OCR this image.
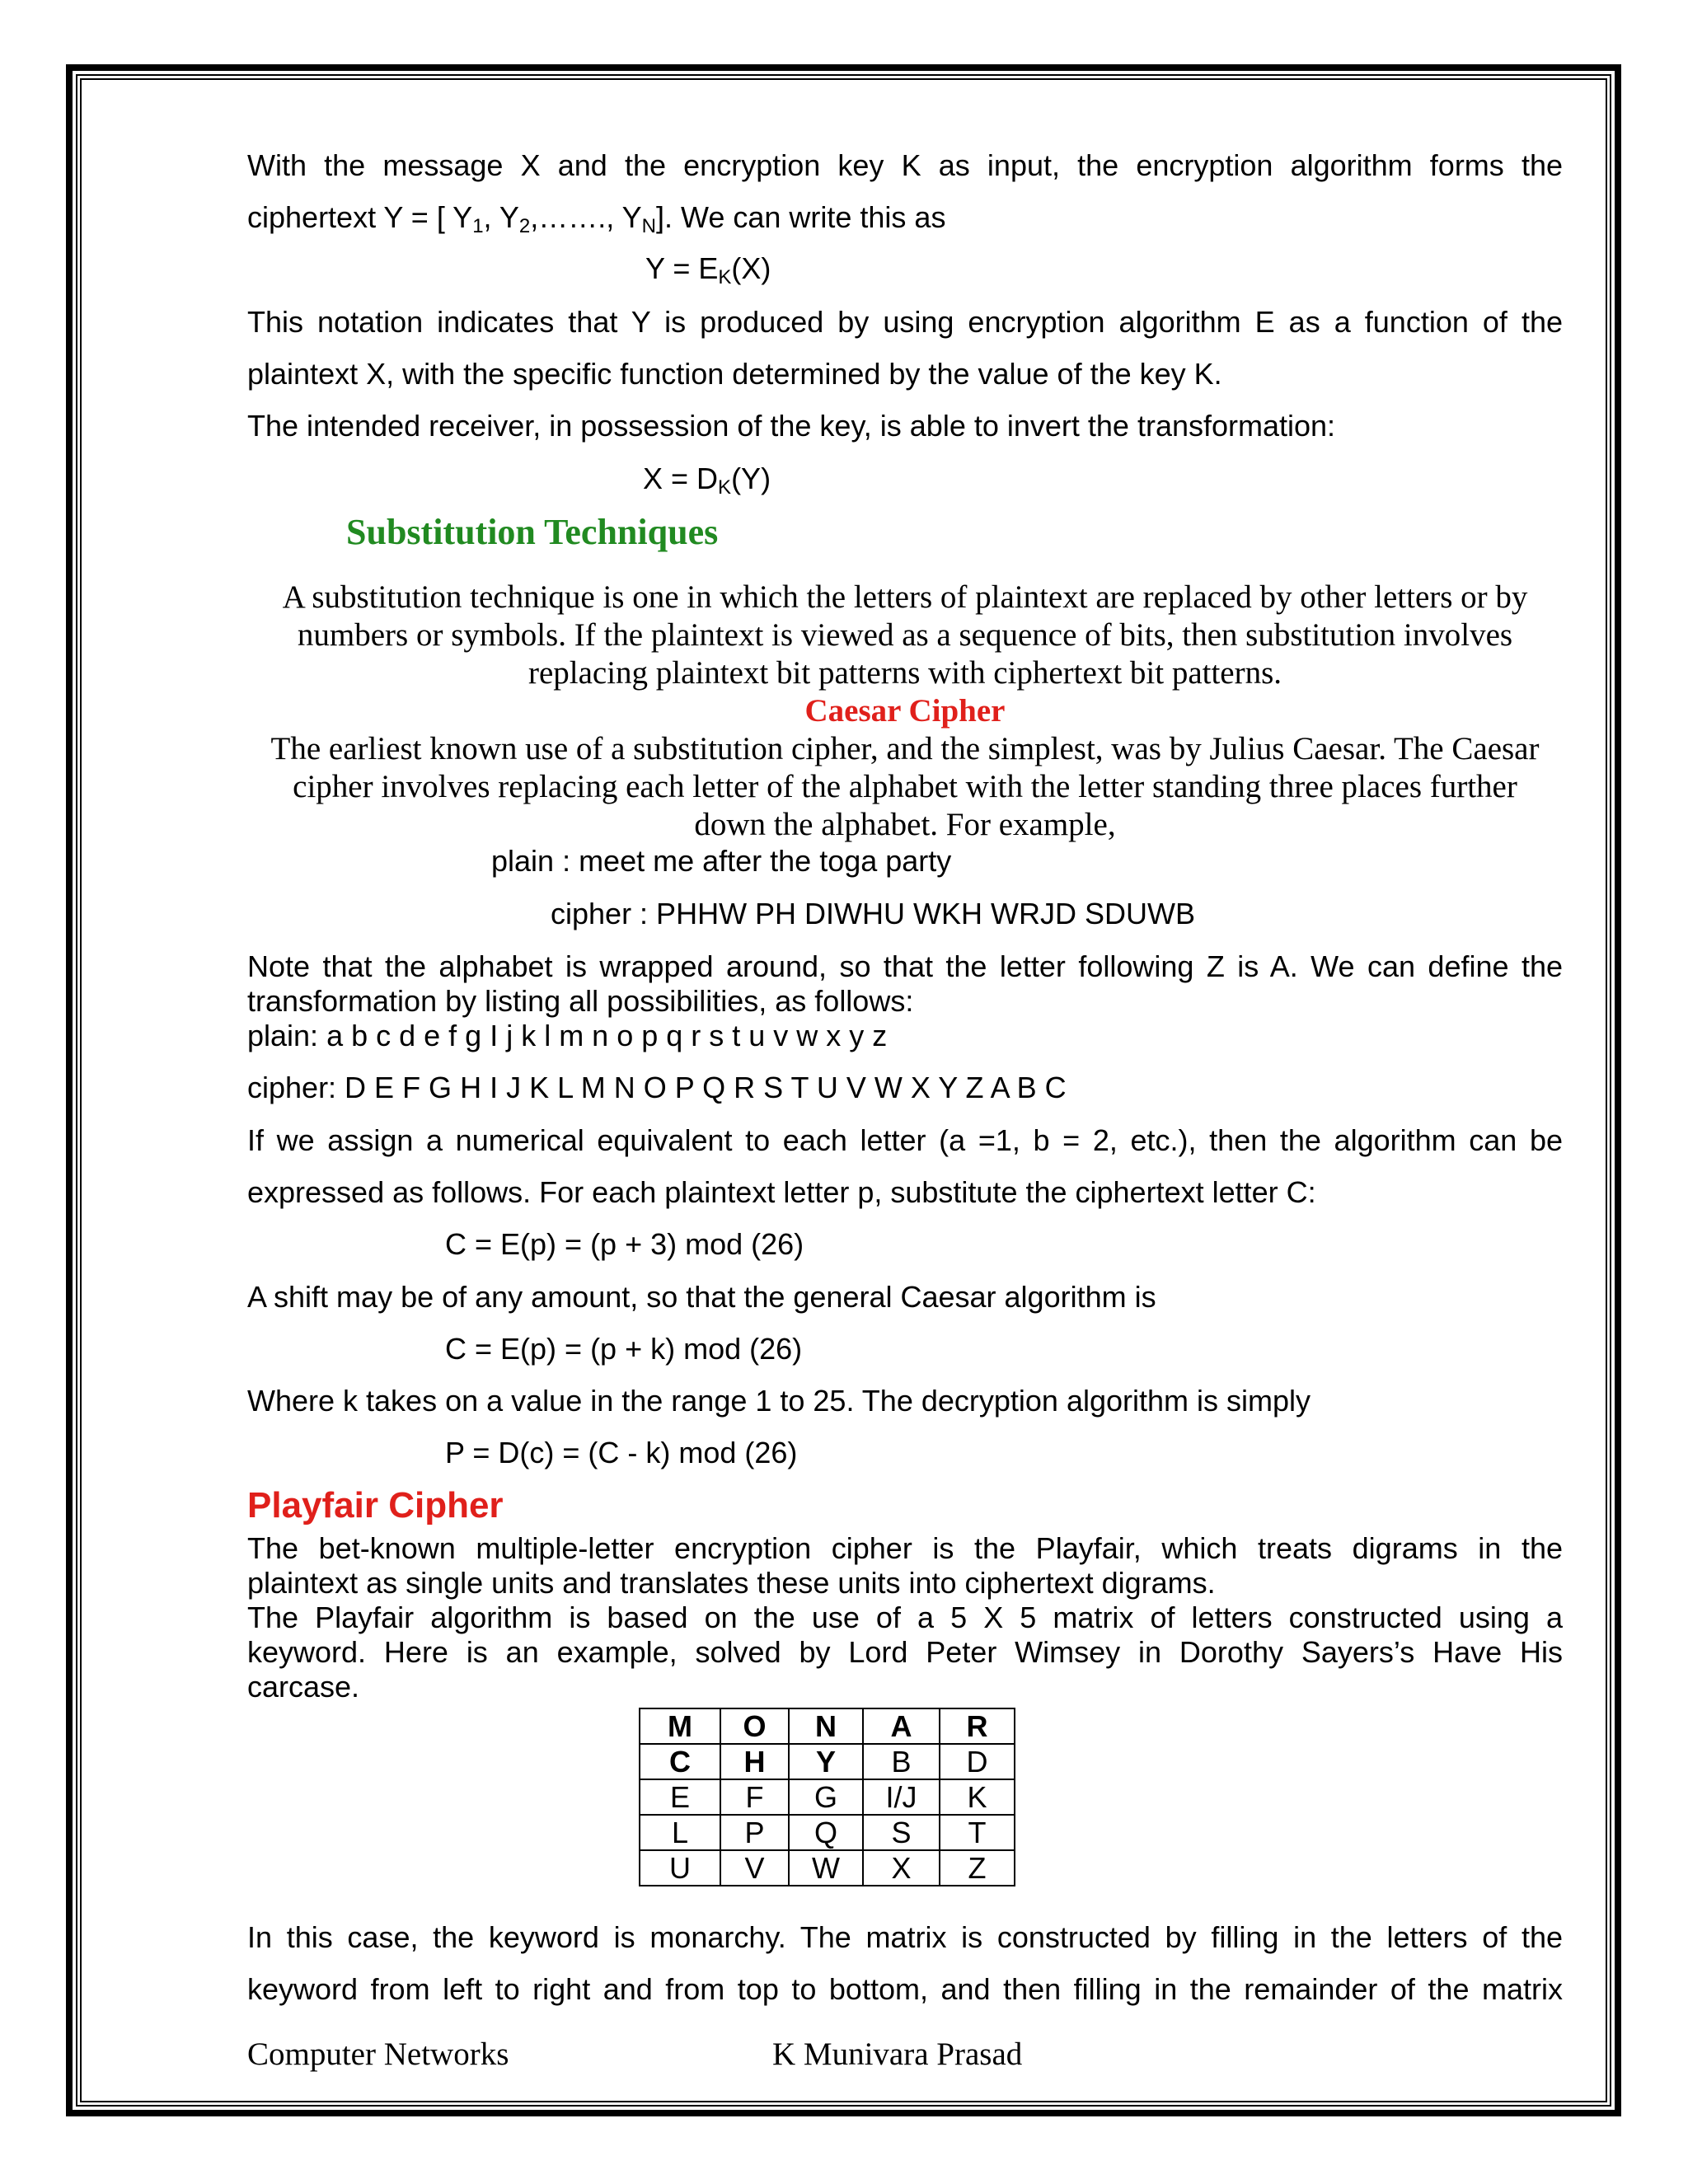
With the message X and the encryption key K as input, the encryption algorithm forms the
ciphertext Y = [ $Y_1$, $Y_2,\dots\dots$., $Y_N$]. We can write this as
$Y = E_K(X)$
This notation indicates that Y is produced by using encryption algorithm E as a function of the
plaintext X, with the specific function determined by the value of the key K.
The intended receiver, in possession of the key, is able to invert the transformation:
$X = D_K(Y)$
Substitution Techniques
A substitution technique is one in which the letters of plaintext are replaced by other letters or by
numbers or symbols. If the plaintext is viewed as a sequence of bits, then substitution involves
replacing plaintext bit patterns with ciphertext bit patterns.
Caesar Cipher
The earliest known use of a substitution cipher, and the simplest, was by Julius Caesar. The Caesar
cipher involves replacing each letter of the alphabet with the letter standing three places further
down the alphabet. For example,
plain : meet me after the toga party
cipher : PHHW PH DIWHU WKH WRJD SDUWB
Note that the alphabet is wrapped around, so that the letter following Z is A. We can define the
transformation by listing all possibilities, as follows:
plain: a b c d e f g I j k l m n o p q r s t u v w x y z
cipher: D E F G H I J K L M N O P Q R S T U V W X Y Z A B C
If we assign a numerical equivalent to each letter (a =1, b = 2, etc.), then the algorithm can be
expressed as follows. For each plaintext letter p, substitute the ciphertext letter C:
C = E(p) = (p + 3) mod (26)
A shift may be of any amount, so that the general Caesar algorithm is
C = E(p) = (p + k) mod (26)
Where k takes on a value in the range 1 to 25. The decryption algorithm is simply
P = D(c) = (C - k) mod (26)
Playfair Cipher
The bet-known multiple-letter encryption cipher is the Playfair, which treats digrams in the
plaintext as single units and translates these units into ciphertext digrams.
The Playfair algorithm is based on the use of a 5 X 5 matrix of letters constructed using a
keyword. Here is an example, solved by Lord Peter Wimsey in Dorothy Sayers’s Have His
carcase.
M	O	N	A	R
C	H	Y	B	D
E	F	G	I/J	K
L	P	Q	S	T
U	V	W	X	Z
In this case, the keyword is monarchy. The matrix is constructed by filling in the letters of the
keyword from left to right and from top to bottom, and then filling in the remainder of the matrix
Computer Networks	K Munivara Prasad
